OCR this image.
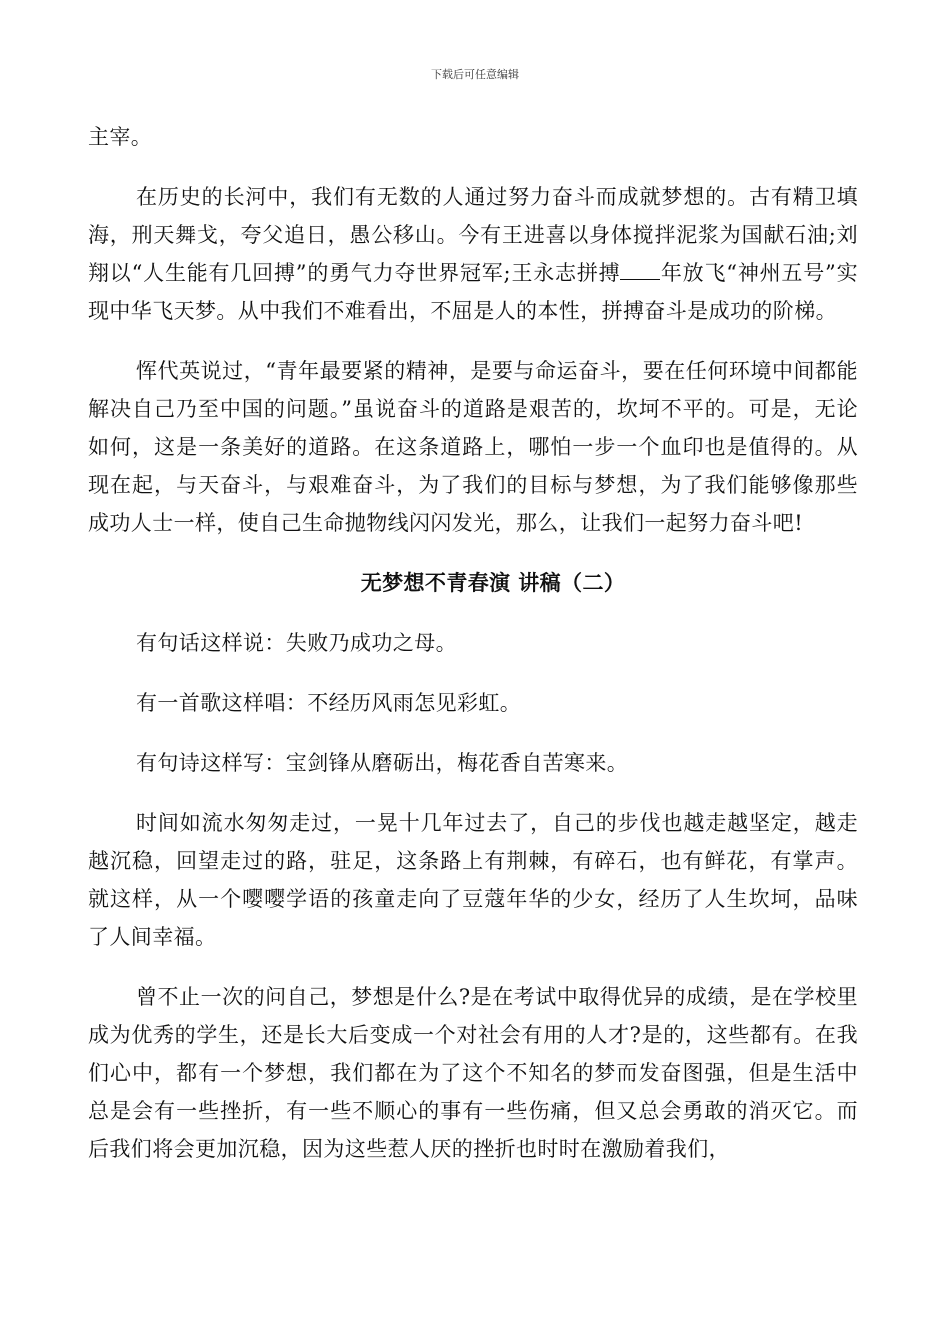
下载后可任意编辑

主宰。

在历史的长河中，我们有无数的人通过努力奋斗而成就梦想的。古有精卫填海，刑天舞戈，夸父追日，愚公移山。今有王进喜以身体搅拌泥浆为国献石油;刘翔以“人生能有几回搏”的勇气力夺世界冠军;王永志拼搏 年放飞“神州五号”实现中华飞天梦。从中我们不难看出，不屈是人的本性，拼搏奋斗是成功的阶梯。

恽代英说过，“青年最要紧的精神，是要与命运奋斗，要在任何环境中间都能解决自己乃至中国的问题。”虽说奋斗的道路是艰苦的，坎坷不平的。可是，无论如何，这是一条美好的道路。在这条道路上，哪怕一步一个血印也是值得的。从现在起，与天奋斗，与艰难奋斗，为了我们的目标与梦想，为了我们能够像那些成功人士一样，使自己生命抛物线闪闪发光，那么，让我们一起努力奋斗吧!

无梦想不青春演 讲稿（二）

有句话这样说：失败乃成功之母。

有一首歌这样唱：不经历风雨怎见彩虹。

有句诗这样写：宝剑锋从磨砺出，梅花香自苦寒来。

时间如流水匆匆走过，一晃十几年过去了，自己的步伐也越走越坚定，越走越沉稳，回望走过的路，驻足，这条路上有荆棘，有碎石，也有鲜花，有掌声。就这样，从一个嘤嘤学语的孩童走向了豆蔻年华的少女，经历了人生坎坷，品味了人间幸福。

曾不止一次的问自己，梦想是什么?是在考试中取得优异的成绩，是在学校里成为优秀的学生，还是长大后变成一个对社会有用的人才?是的，这些都有。在我们心中，都有一个梦想，我们都在为了这个不知名的梦而发奋图强，但是生活中总是会有一些挫折，有一些不顺心的事有一些伤痛，但又总会勇敢的消灭它。而后我们将会更加沉稳，因为这些惹人厌的挫折也时时在激励着我们，
